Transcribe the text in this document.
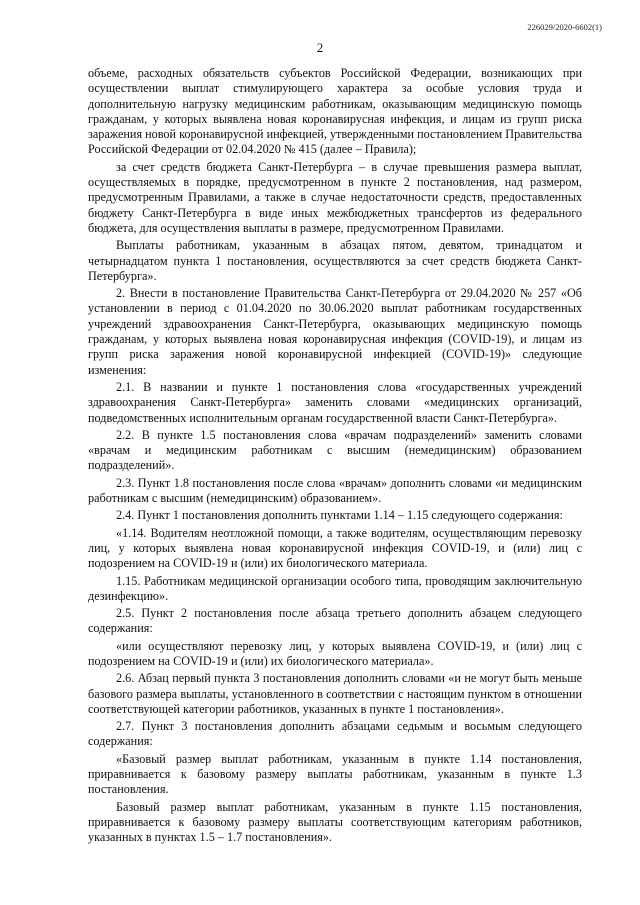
226029/2020-6602(1)
2

объеме, расходных обязательств субъектов Российской Федерации, возникающих при осуществлении выплат стимулирующего характера за особые условия труда и дополнительную нагрузку медицинским работникам, оказывающим медицинскую помощь гражданам, у которых выявлена новая коронавирусная инфекция, и лицам из групп риска заражения новой коронавирусной инфекцией, утвержденными постановлением Правительства Российской Федерации от 02.04.2020 № 415 (далее – Правила);

за счет средств бюджета Санкт-Петербурга – в случае превышения размера выплат, осуществляемых в порядке, предусмотренном в пункте 2 постановления, над размером, предусмотренным Правилами, а также в случае недостаточности средств, предоставленных бюджету Санкт-Петербурга в виде иных межбюджетных трансфертов из федерального бюджета, для осуществления выплаты в размере, предусмотренном Правилами.

Выплаты работникам, указанным в абзацах пятом, девятом, тринадцатом и четырнадцатом пункта 1 постановления, осуществляются за счет средств бюджета Санкт-Петербурга».

2. Внести в постановление Правительства Санкт-Петербурга от 29.04.2020 № 257 «Об установлении в период с 01.04.2020 по 30.06.2020 выплат работникам государственных учреждений здравоохранения Санкт-Петербурга, оказывающих медицинскую помощь гражданам, у которых выявлена новая коронавирусная инфекция (COVID-19), и лицам из групп риска заражения новой коронавирусной инфекцией (COVID-19)» следующие изменения:

2.1. В названии и пункте 1 постановления слова «государственных учреждений здравоохранения Санкт-Петербурга» заменить словами «медицинских организаций, подведомственных исполнительным органам государственной власти Санкт-Петербурга».

2.2. В пункте 1.5 постановления слова «врачам подразделений» заменить словами «врачам и медицинским работникам с высшим (немедицинским) образованием подразделений».

2.3. Пункт 1.8 постановления после слова «врачам» дополнить словами «и медицинским работникам с высшим (немедицинским) образованием».

2.4. Пункт 1 постановления дополнить пунктами 1.14 – 1.15 следующего содержания:

«1.14. Водителям неотложной помощи, а также водителям, осуществляющим перевозку лиц, у которых выявлена новая коронавирусной инфекция COVID-19, и (или) лиц с подозрением на COVID-19 и (или) их биологического материала.

1.15. Работникам медицинской организации особого типа, проводящим заключительную дезинфекцию».

2.5. Пункт 2 постановления после абзаца третьего дополнить абзацем следующего содержания:

«или осуществляют перевозку лиц, у которых выявлена COVID-19, и (или) лиц с подозрением на COVID-19 и (или) их биологического материала».

2.6. Абзац первый пункта 3 постановления дополнить словами «и не могут быть меньше базового размера выплаты, установленного в соответствии с настоящим пунктом в отношении соответствующей категории работников, указанных в пункте 1 постановления».

2.7. Пункт 3 постановления дополнить абзацами седьмым и восьмым следующего содержания:

«Базовый размер выплат работникам, указанным в пункте 1.14 постановления, приравнивается к базовому размеру выплаты работникам, указанным в пункте 1.3 постановления.

Базовый размер выплат работникам, указанным в пункте 1.15 постановления, приравнивается к базовому размеру выплаты соответствующим категориям работников, указанных в пунктах 1.5 – 1.7 постановления».
